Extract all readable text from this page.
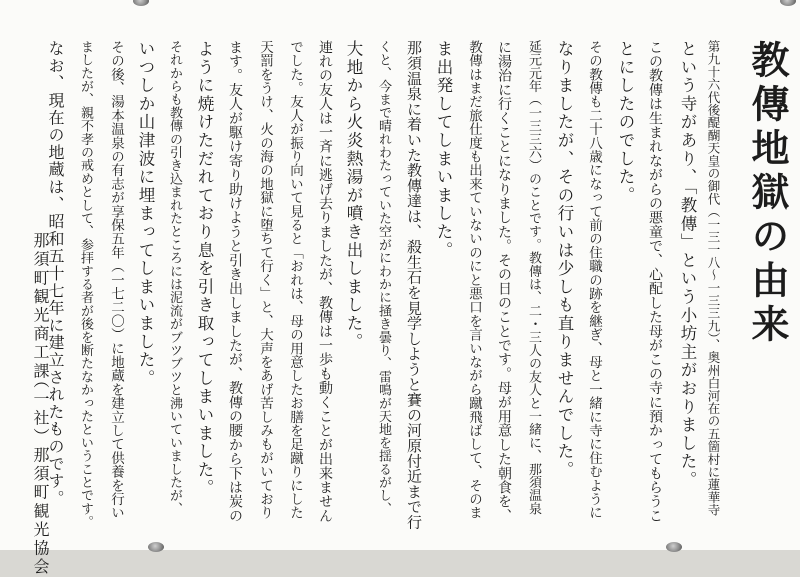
教傳地獄の由来
第九十六代後醍醐天皇の御代（一三一八〜一三三九）、奥州白河在の五箇村に蓮華寺
という寺があり、「教傳」という小坊主がおりました。
この教傳は生まれながらの悪童で、心配した母がこの寺に預かってもらうこ
とにしたのでした。
その教傳も二十八歳になって前の住職の跡を継ぎ、母と一緒に寺に住むように
なりましたが、その行いは少しも直りませんでした。
延元元年（一三三六）のことです。教傳は、二・三人の友人と一緒に、那須温泉
に湯治に行くことになりました。その日のことです。母が用意した朝食を、
教傳はまだ旅仕度も出来ていないのにと悪口を言いながら蹴飛ばして、そのま
ま出発してしまいました。
那須温泉に着いた教傳達は、殺生石を見学しようと賽の河原付近まで行
くと、今まで晴れわたっていた空がにわかに掻き曇り、雷鳴が天地を揺るがし、
大地から火炎熱湯が噴き出しました。
連れの友人は一斉に逃げ去りましたが、教傳は一歩も動くことが出来ません
でした。友人が振り向いて見ると「おれは、母の用意したお膳を足蹴りにした
天罰をうけ、火の海の地獄に堕ちて行く」と、大声をあげ苦しみもがいており
ます。友人が駆け寄り助けようと引き出しましたが、教傳の腰から下は炭の
ように焼けただれており息を引き取ってしまいました。
それからも教傳の引き込まれたところには泥流がブツブツと沸いていましたが、
いつしか山津波に埋まってしまいました。
その後、湯本温泉の有志が享保五年（一七二〇）に地蔵を建立して供養を行い
ましたが、親不孝の戒めとして、参拝する者が後を断たなかったということです。
なお、現在の地蔵は、昭和五十七年に建立されたものです。
那須町観光商工課
（一社）那須町観光協会
